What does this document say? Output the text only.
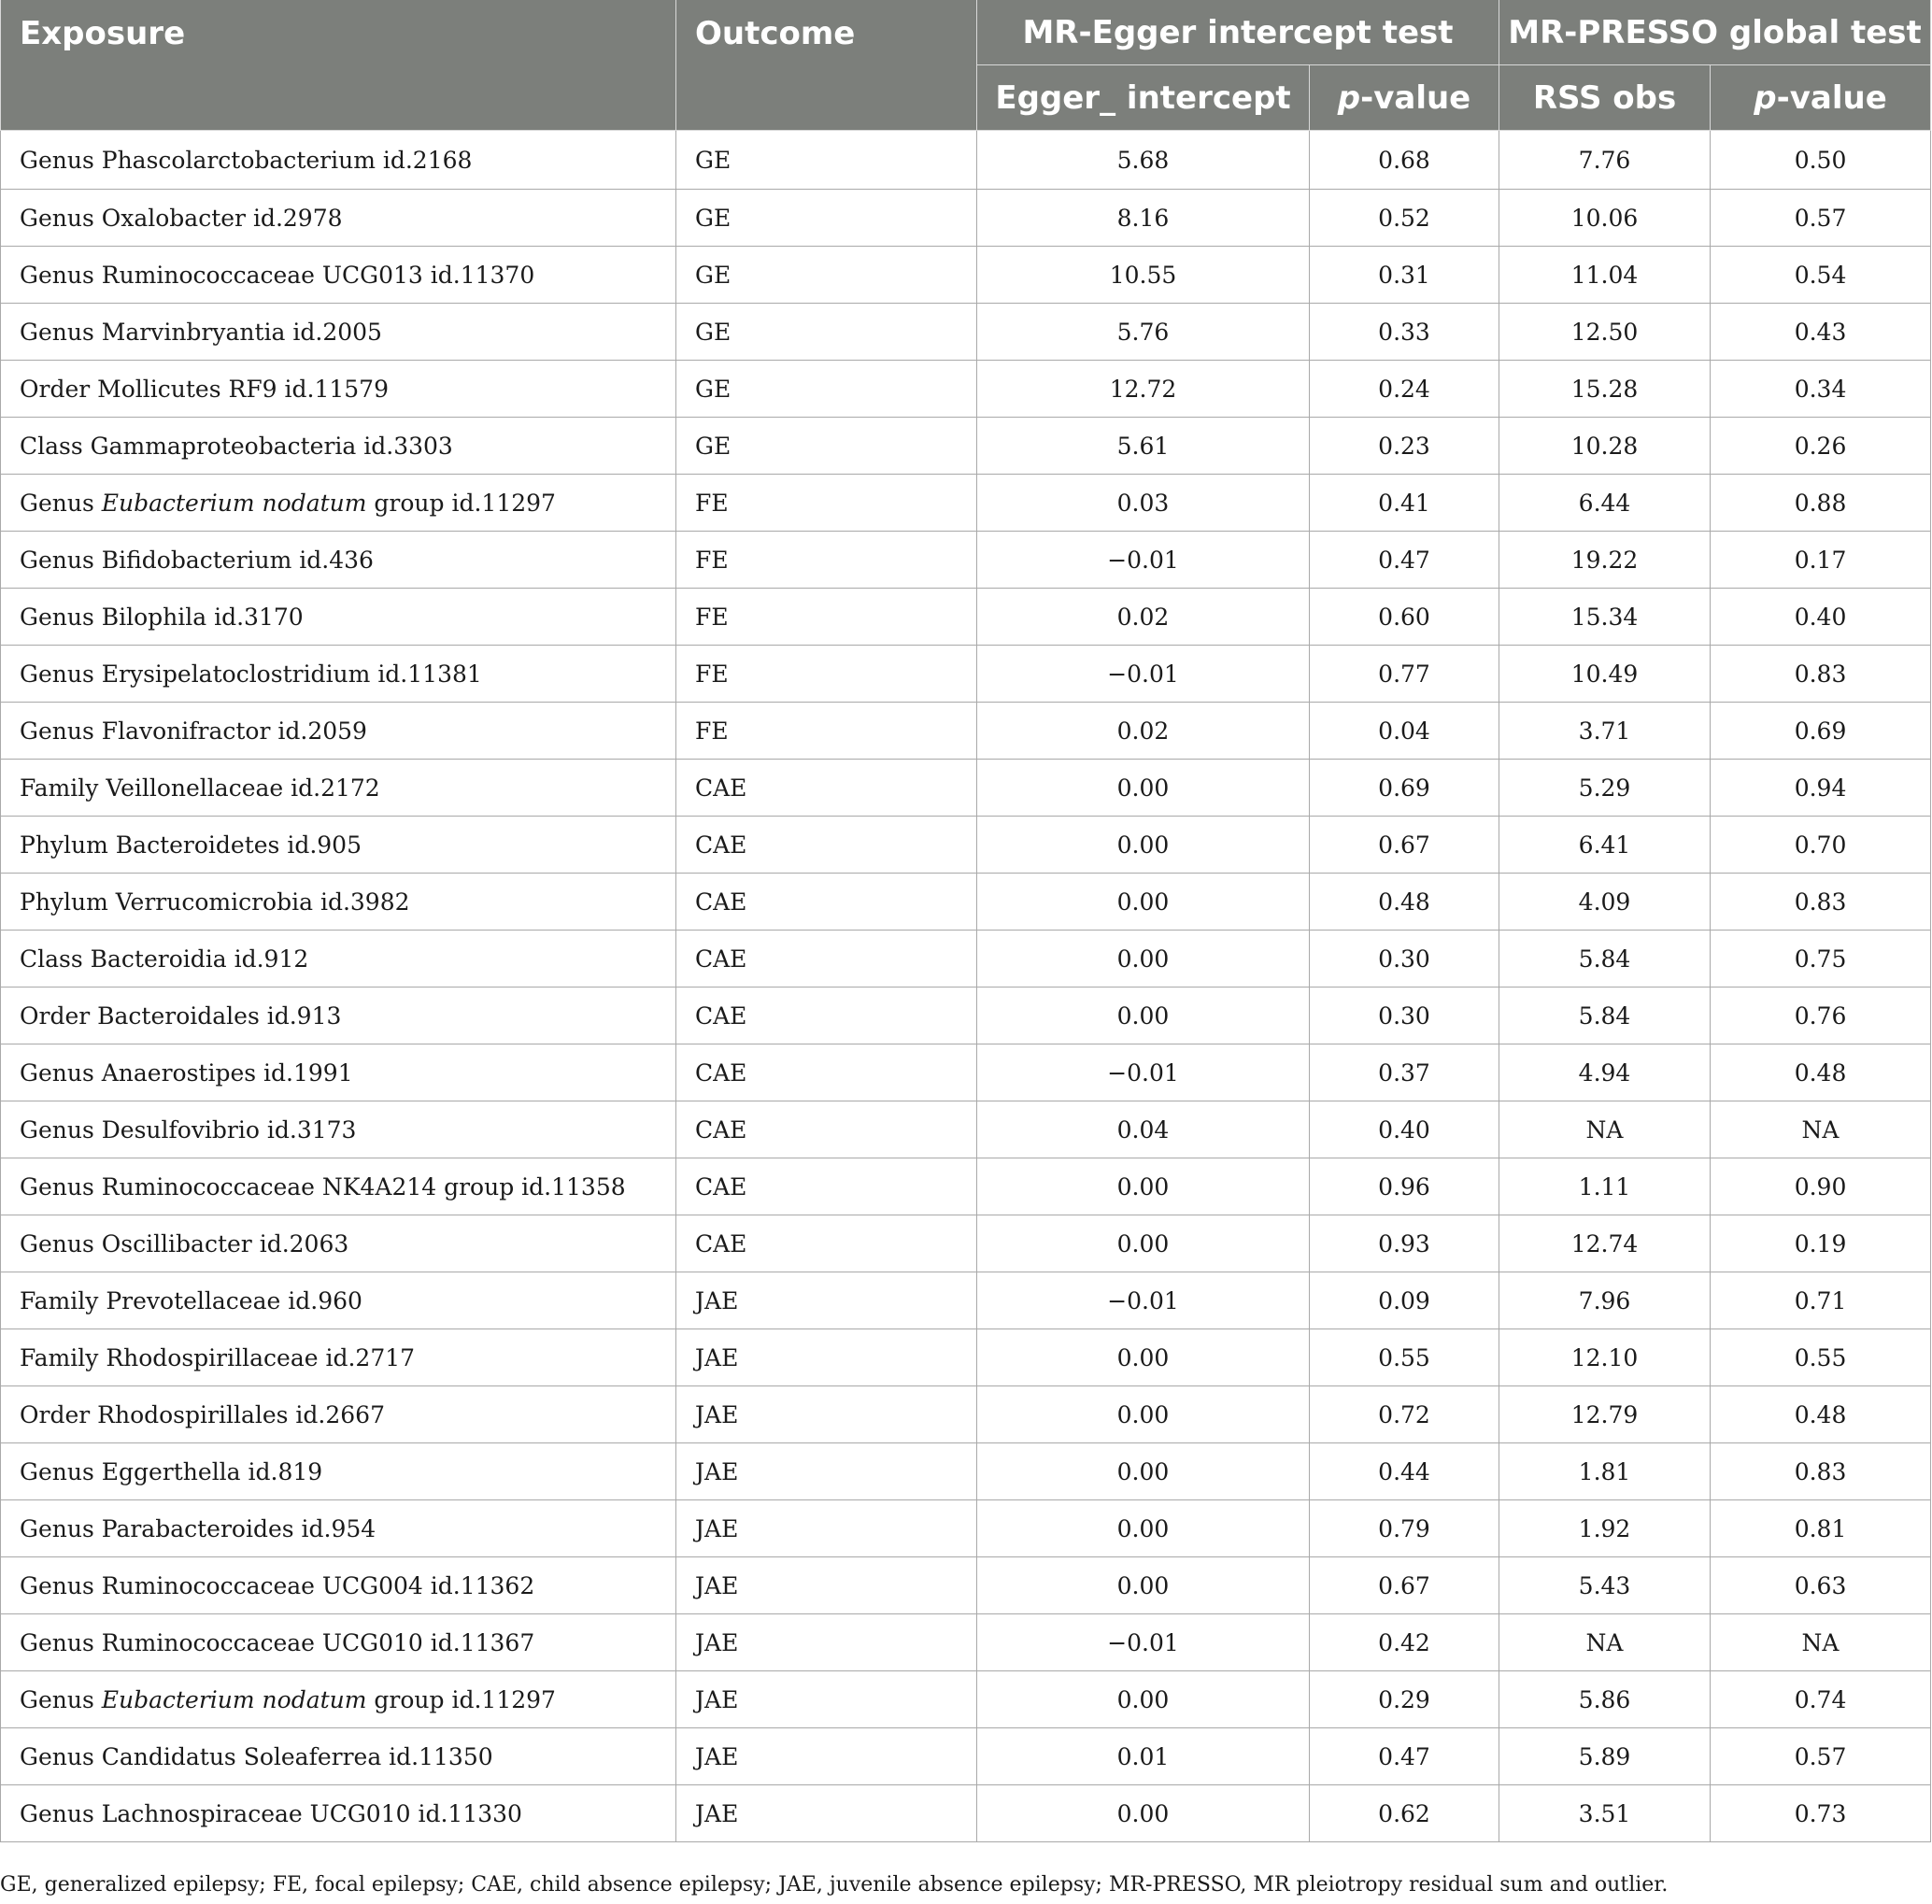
Exposure	Outcome	MR-Egger intercept test		MR-PRESSO global test	
		Egger_ intercept	p-value	RSS obs	p-value
Genus Phascolarctobacterium id.2168	GE	5.68	0.68	7.76	0.50
Genus Oxalobacter id.2978	GE	8.16	0.52	10.06	0.57
Genus Ruminococcaceae UCG013 id.11370	GE	10.55	0.31	11.04	0.54
Genus Marvinbryantia id.2005	GE	5.76	0.33	12.50	0.43
Order Mollicutes RF9 id.11579	GE	12.72	0.24	15.28	0.34
Class Gammaproteobacteria id.3303	GE	5.61	0.23	10.28	0.26
Genus Eubacterium nodatum group id.11297	FE	0.03	0.41	6.44	0.88
Genus Bifidobacterium id.436	FE	−0.01	0.47	19.22	0.17
Genus Bilophila id.3170	FE	0.02	0.60	15.34	0.40
Genus Erysipelatoclostridium id.11381	FE	−0.01	0.77	10.49	0.83
Genus Flavonifractor id.2059	FE	0.02	0.04	3.71	0.69
Family Veillonellaceae id.2172	CAE	0.00	0.69	5.29	0.94
Phylum Bacteroidetes id.905	CAE	0.00	0.67	6.41	0.70
Phylum Verrucomicrobia id.3982	CAE	0.00	0.48	4.09	0.83
Class Bacteroidia id.912	CAE	0.00	0.30	5.84	0.75
Order Bacteroidales id.913	CAE	0.00	0.30	5.84	0.76
Genus Anaerostipes id.1991	CAE	−0.01	0.37	4.94	0.48
Genus Desulfovibrio id.3173	CAE	0.04	0.40	NA	NA
Genus Ruminococcaceae NK4A214 group id.11358	CAE	0.00	0.96	1.11	0.90
Genus Oscillibacter id.2063	CAE	0.00	0.93	12.74	0.19
Family Prevotellaceae id.960	JAE	−0.01	0.09	7.96	0.71
Family Rhodospirillaceae id.2717	JAE	0.00	0.55	12.10	0.55
Order Rhodospirillales id.2667	JAE	0.00	0.72	12.79	0.48
Genus Eggerthella id.819	JAE	0.00	0.44	1.81	0.83
Genus Parabacteroides id.954	JAE	0.00	0.79	1.92	0.81
Genus Ruminococcaceae UCG004 id.11362	JAE	0.00	0.67	5.43	0.63
Genus Ruminococcaceae UCG010 id.11367	JAE	−0.01	0.42	NA	NA
Genus Eubacterium nodatum group id.11297	JAE	0.00	0.29	5.86	0.74
Genus Candidatus Soleaferrea id.11350	JAE	0.01	0.47	5.89	0.57
Genus Lachnospiraceae UCG010 id.11330	JAE	0.00	0.62	3.51	0.73
GE, generalized epilepsy; FE, focal epilepsy; CAE, child absence epilepsy; JAE, juvenile absence epilepsy; MR-PRESSO, MR pleiotropy residual sum and outlier.
